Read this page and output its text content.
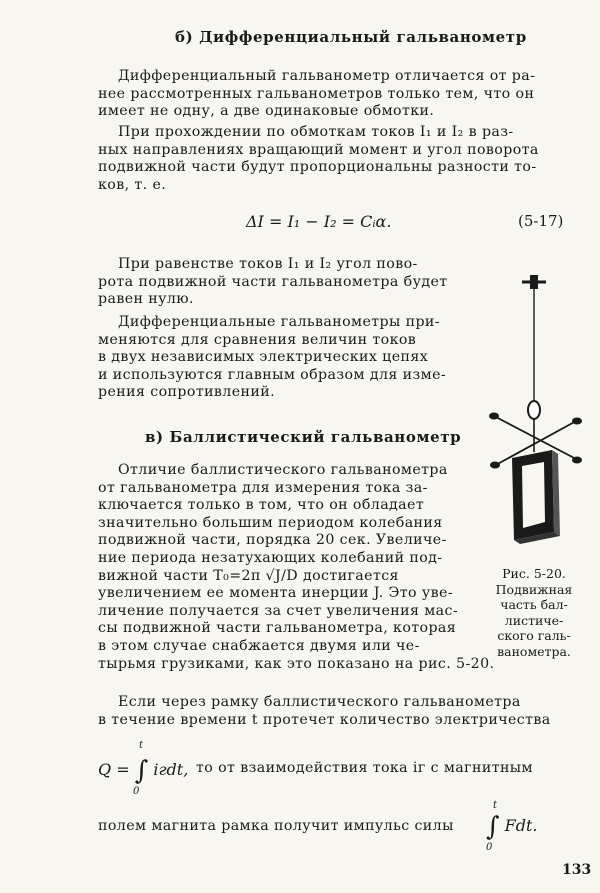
б) Дифференциальный гальванометр
Дифференциальный гальванометр отличается от ра-
нее рассмотренных гальванометров только тем, что он
имеет не одну, а две одинаковые обмотки.
При прохождении по обмоткам токов I₁ и I₂ в раз-
ных направлениях вращающий момент и угол поворота
подвижной части будут пропорциональны разности то-
ков, т. е.
ΔI = I₁ − I₂ = Cᵢα.	(5-17)
При равенстве токов I₁ и I₂ угол пово-
рота подвижной части гальванометра будет
равен нулю.
Дифференциальные гальванометры при-
меняются для сравнения величин токов
в двух независимых электрических цепях
и используются главным образом для изме-
рения сопротивлений.
в) Баллистический гальванометр
Отличие баллистического гальванометра
от гальванометра для измерения тока за-
ключается только в том, что он обладает
значительно большим периодом колебания
подвижной части, порядка 20 сек. Увеличе-
ние периода незатухающих колебаний под-
вижной части T₀=2π √J/D достигается
увеличением ее момента инерции J. Это уве-
личение получается за счет увеличения мас-
сы подвижной части гальванометра, которая
в этом случае снабжается двумя или че-
тырьмя грузиками, как это показано на рис. 5-20.
Если через рамку баллистического гальванометра
в течение времени t протечет количество электричества
Q = ∫ iгdt,
t
0
то от взаимодействия тока iг с магнитным
полем магнита рамка получит импульс силы ∫ Fdt.
t
0
Рис. 5-20.
Подвижная
часть бал-
листиче-
ского галь-
ванометра.
133
